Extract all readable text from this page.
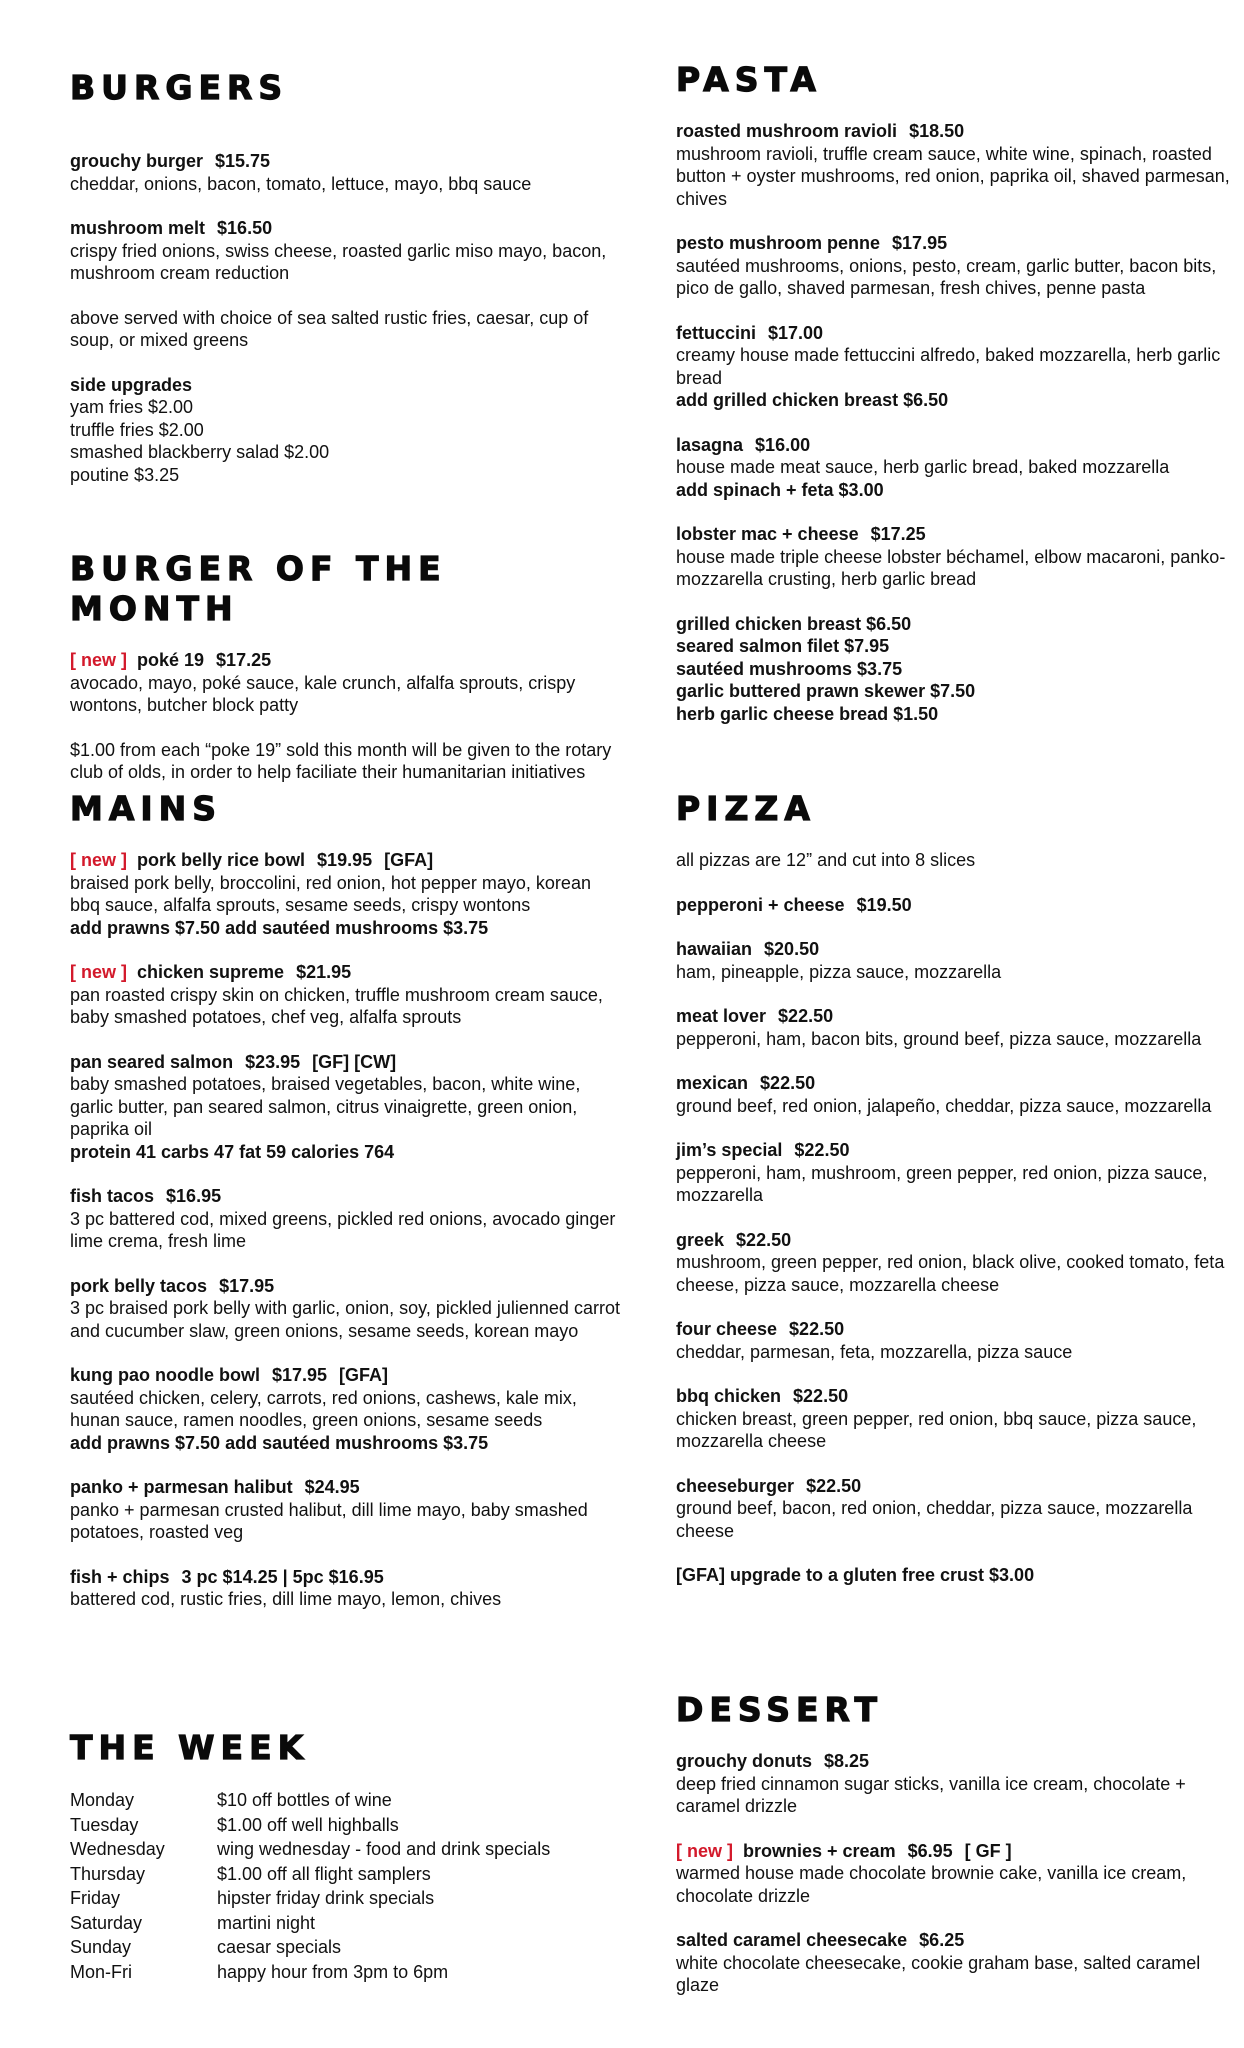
BURGERS

grouchy burger $15.75

cheddar, onions, bacon, tomato, lettuce, mayo, bbq sauce

mushroom melt $16.50

crispy fried onions, swiss cheese, roasted garlic miso mayo, bacon, mushroom cream reduction

above served with choice of sea salted rustic fries, caesar, cup of soup, or mixed greens

side upgrades

yam fries $2.00

truffle fries $2.00

smashed blackberry salad $2.00

poutine $3.25

BURGER OF THE MONTH

[ new ] poké 19 $17.25

avocado, mayo, poké sauce, kale crunch, alfalfa sprouts, crispy wontons, butcher block patty

$1.00 from each “poke 19” sold this month will be given to the rotary club of olds, in order to help faciliate their humanitarian initiatives

MAINS

[ new ] pork belly rice bowl $19.95 [GFA]

braised pork belly, broccolini, red onion, hot pepper mayo, korean bbq sauce, alfalfa sprouts, sesame seeds, crispy wontons

add prawns $7.50 add sautéed mushrooms $3.75

[ new ] chicken supreme $21.95

pan roasted crispy skin on chicken, truffle mushroom cream sauce, baby smashed potatoes, chef veg, alfalfa sprouts

pan seared salmon $23.95 [GF] [CW]

baby smashed potatoes, braised vegetables, bacon, white wine, garlic butter, pan seared salmon, citrus vinaigrette, green onion, paprika oil

protein 41 carbs 47 fat 59 calories 764

fish tacos $16.95

3 pc battered cod, mixed greens, pickled red onions, avocado ginger lime crema, fresh lime

pork belly tacos $17.95

3 pc braised pork belly with garlic, onion, soy, pickled julienned carrot and cucumber slaw, green onions, sesame seeds, korean mayo

kung pao noodle bowl $17.95 [GFA]

sautéed chicken, celery, carrots, red onions, cashews, kale mix, hunan sauce, ramen noodles, green onions, sesame seeds

add prawns $7.50 add sautéed mushrooms $3.75

panko + parmesan halibut $24.95

panko + parmesan crusted halibut, dill lime mayo, baby smashed potatoes, roasted veg

fish + chips 3 pc $14.25 | 5pc $16.95

battered cod, rustic fries, dill lime mayo, lemon, chives

THE WEEK
Monday	$10 off bottles of wine
Tuesday	$1.00 off well highballs
Wednesday	wing wednesday - food and drink specials
Thursday	$1.00 off all flight samplers
Friday	hipster friday drink specials
Saturday	martini night
Sunday	caesar specials
Mon-Fri	happy hour from 3pm to 6pm
PASTA

roasted mushroom ravioli $18.50

mushroom ravioli, truffle cream sauce, white wine, spinach, roasted button + oyster mushrooms, red onion, paprika oil, shaved parmesan, chives

pesto mushroom penne $17.95

sautéed mushrooms, onions, pesto, cream, garlic butter, bacon bits, pico de gallo, shaved parmesan, fresh chives, penne pasta

fettuccini $17.00

creamy house made fettuccini alfredo, baked mozzarella, herb garlic bread

add grilled chicken breast $6.50

lasagna $16.00

house made meat sauce, herb garlic bread, baked mozzarella

add spinach + feta $3.00

lobster mac + cheese $17.25

house made triple cheese lobster béchamel, elbow macaroni, panko-mozzarella crusting, herb garlic bread

grilled chicken breast $6.50

seared salmon filet $7.95

sautéed mushrooms $3.75

garlic buttered prawn skewer $7.50

herb garlic cheese bread $1.50

PIZZA

all pizzas are 12” and cut into 8 slices

pepperoni + cheese $19.50

hawaiian $20.50

ham, pineapple, pizza sauce, mozzarella

meat lover $22.50

pepperoni, ham, bacon bits, ground beef, pizza sauce, mozzarella

mexican $22.50

ground beef, red onion, jalapeño, cheddar, pizza sauce, mozzarella

jim’s special $22.50

pepperoni, ham, mushroom, green pepper, red onion, pizza sauce, mozzarella

greek $22.50

mushroom, green pepper, red onion, black olive, cooked tomato, feta cheese, pizza sauce, mozzarella cheese

four cheese $22.50

cheddar, parmesan, feta, mozzarella, pizza sauce

bbq chicken $22.50

chicken breast, green pepper, red onion, bbq sauce, pizza sauce, mozzarella cheese

cheeseburger $22.50

ground beef, bacon, red onion, cheddar, pizza sauce, mozzarella cheese

[GFA] upgrade to a gluten free crust $3.00

DESSERT

grouchy donuts $8.25

deep fried cinnamon sugar sticks, vanilla ice cream, chocolate + caramel drizzle

[ new ] brownies + cream $6.95 [ GF ]

warmed house made chocolate brownie cake, vanilla ice cream, chocolate drizzle

salted caramel cheesecake $6.25

white chocolate cheesecake, cookie graham base, salted caramel glaze
